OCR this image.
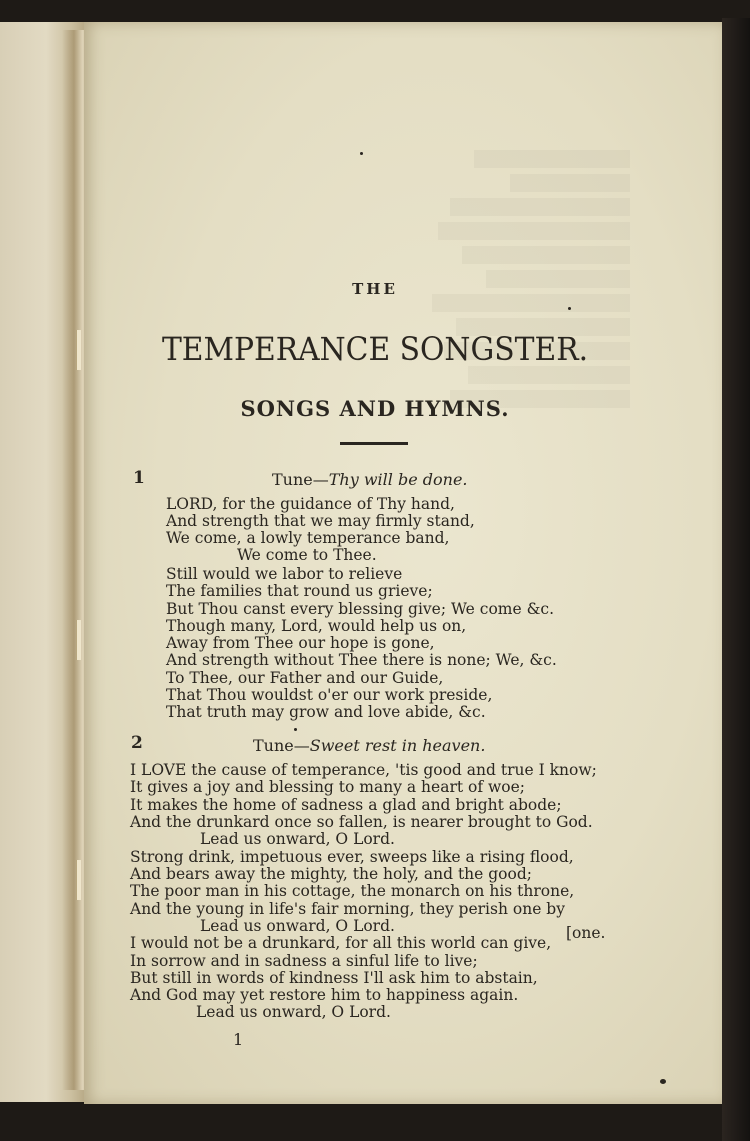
THE

TEMPERANCE SONGSTER.

SONGS AND HYMNS.

1	Tune—Thy will be done.

LORD, for the guidance of Thy hand,

And strength that we may firmly stand,

We come, a lowly temperance band,

We come to Thee.

Still would we labor to relieve

The families that round us grieve;

But Thou canst every blessing give; We come &c.

Though many, Lord, would help us on,

Away from Thee our hope is gone,

And strength without Thee there is none; We, &c.

To Thee, our Father and our Guide,

That Thou wouldst o'er our work preside,

That truth may grow and love abide, &c.

2	Tune—Sweet rest in heaven.

I LOVE the cause of temperance, 'tis good and true I know;

It gives a joy and blessing to many a heart of woe;

It makes the home of sadness a glad and bright abode;

And the drunkard once so fallen, is nearer brought to God.

Lead us onward, O Lord.

Strong drink, impetuous ever, sweeps like a rising flood,

And bears away the mighty, the holy, and the good;

The poor man in his cottage, the monarch on his throne,

And the young in life's fair morning, they perish one by

Lead us onward, O Lord.	[one.

I would not be a drunkard, for all this world can give,

In sorrow and in sadness a sinful life to live;

But still in words of kindness I'll ask him to abstain,

And God may yet restore him to happiness again.

Lead us onward, O Lord.

1
